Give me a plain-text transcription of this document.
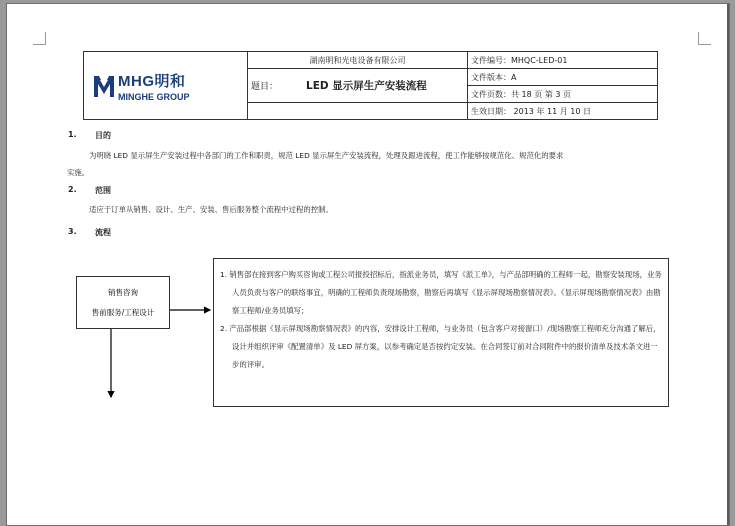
MHG明和
MINGHE GROUP	湖南明和光电设备有限公司	文件编号：MHQC-LED-01
	题目： LED 显示屏生产安装流程	文件版本：A
		文件页数：共 18 页 第 3 页
		生效日期： 2013 年 11 月 10 日
1. 目的
为明晓 LED 显示屏生产安装过程中各部门的工作和职责，规范 LED 显示屏生产安装流程，处理及跟进流程，使工作能够按规范化、规范化的要求
实施。
2. 范围
适应于订单从销售、设计、生产、安装、售后服务整个流程中过程的控制。
3. 流程
销售咨询
售前服务/工程设计

1. 销售部在接到客户购买咨询或工程公司报投招标后，指派业务员，填写《派工单》，与产品部明确的工程师一起，勘察安装现场，业务人员负责与客户的联络事宜，明确的工程师负责现场勘察，勘察后再填写《显示屏现场勘察情况表》。《显示屏现场勘察情况表》由勘察工程师/业务员填写；

2. 产品部根据《显示屏现场勘察情况表》的内容，安排设计工程师，与业务员（包含客户对接窗口）/现场勘察工程师充分沟通了解后，设计并组织评审《配置清单》及 LED 屏方案，以参考确定是否按约定安装。在合同签订前对合同附件中的报价清单及技术条文进一步的评审。
